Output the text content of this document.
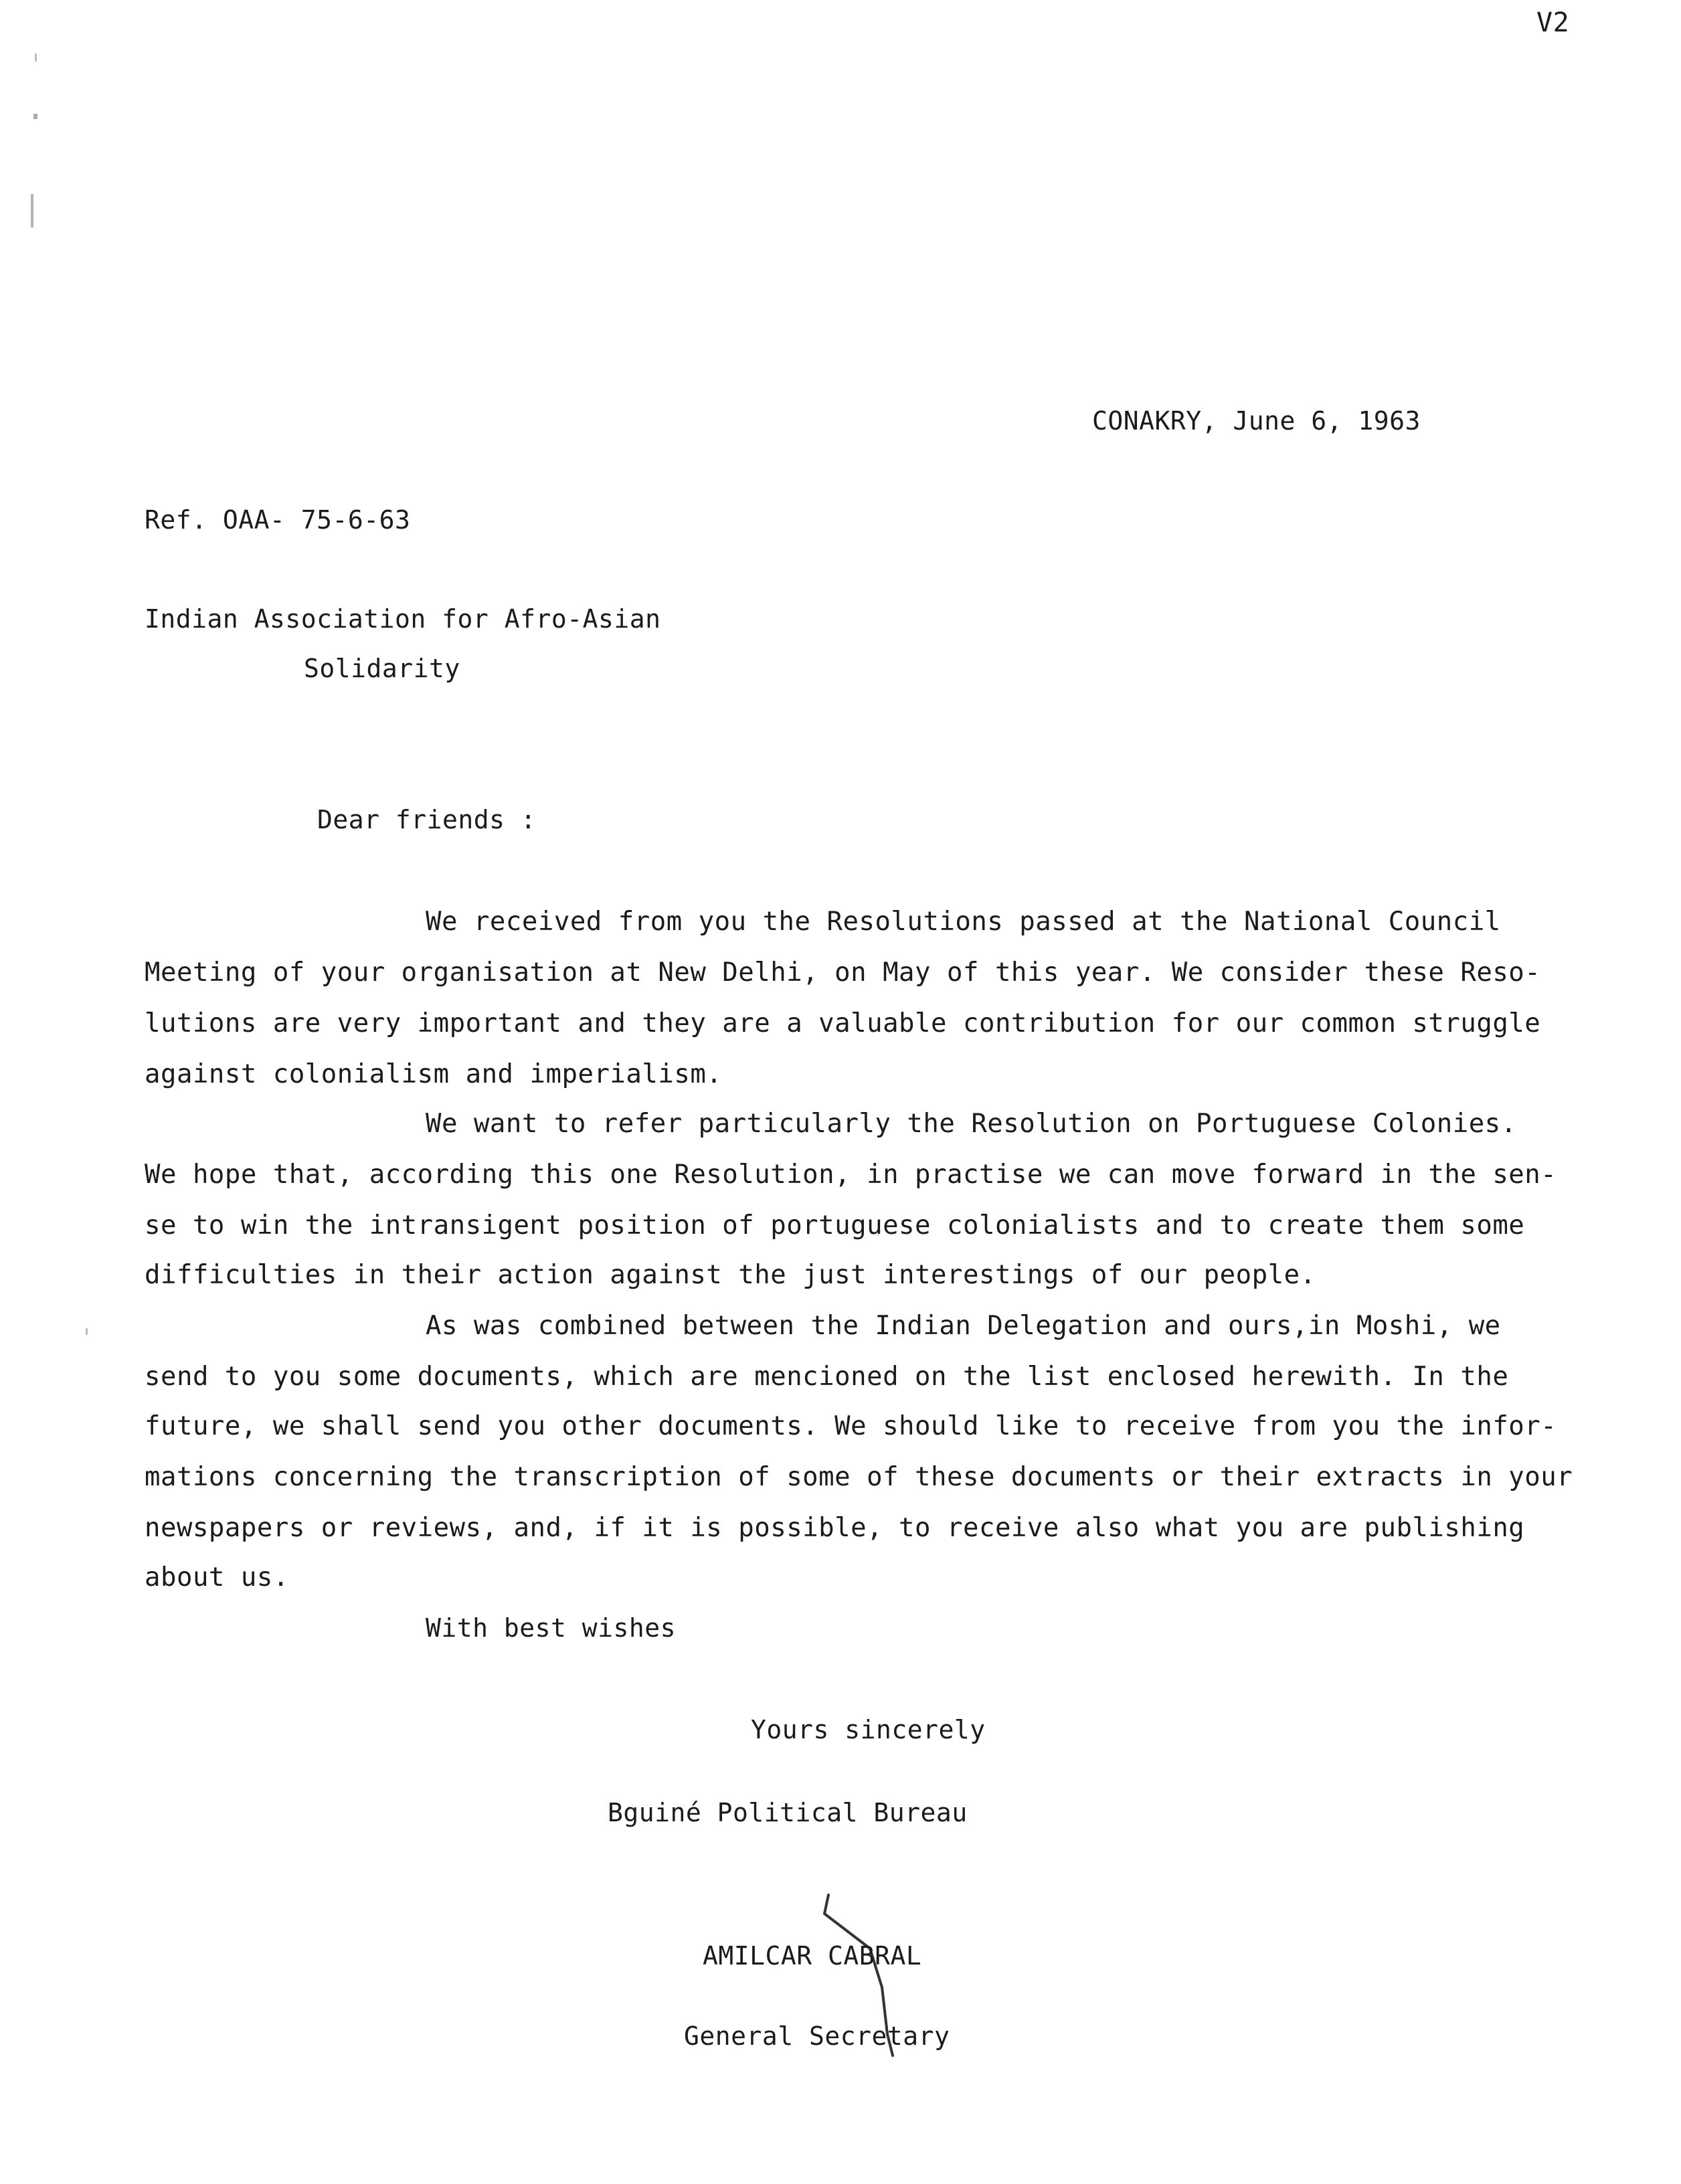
V2
CONAKRY, June 6, 1963
Ref. OAA- 75-6-63
Indian Association for Afro-Asian
Solidarity
Dear friends :
We received from you the Resolutions passed at the National Council
Meeting of your organisation at New Delhi, on May of this year. We consider these Reso-
lutions are very important and they are a valuable contribution for our common struggle
against colonialism and imperialism.
We want to refer particularly the Resolution on Portuguese Colonies.
We hope that, according this one Resolution, in practise we can move forward in the sen-
se to win the intransigent position of portuguese colonialists and to create them some
difficulties in their action against the just interestings of our people.
As was combined between the Indian Delegation and ours,in Moshi, we
send to you some documents, which are mencioned on the list enclosed herewith. In the
future, we shall send you other documents. We should like to receive from you the infor-
mations concerning the transcription of some of these documents or their extracts in your
newspapers or reviews, and, if it is possible, to receive also what you are publishing
about us.
With best wishes
Yours sincerely
Bguiné Political Bureau
AMILCAR CABRAL
General Secretary
